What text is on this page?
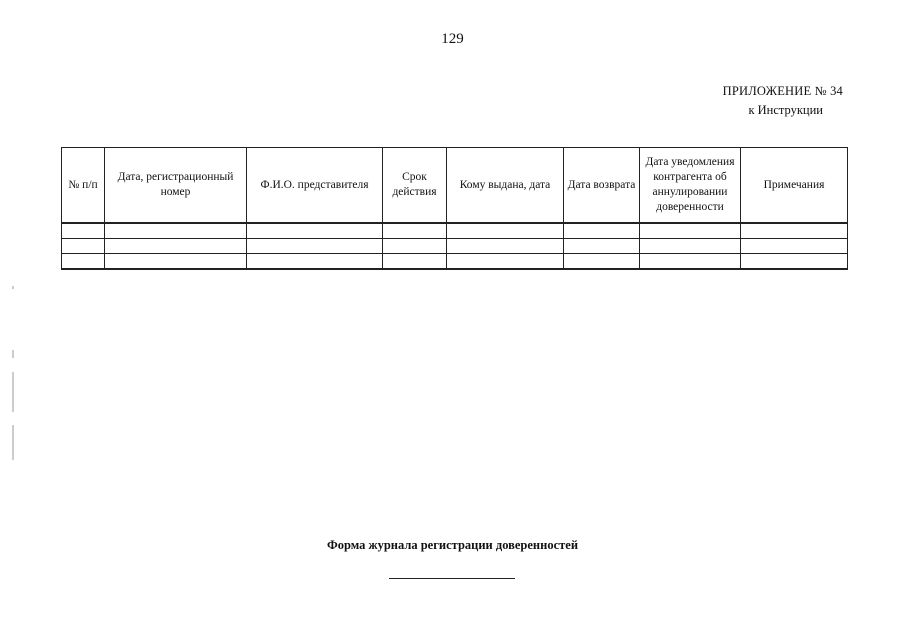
129
ПРИЛОЖЕНИЕ № 34
к Инструкции
№ п/п	Дата, регистрационный номер	Ф.И.О. представителя	Срок действия	Кому выдана, дата	Дата возврата	Дата уведомления контрагента об аннулировании доверенности	Примечания

Форма журнала регистрации доверенностей
